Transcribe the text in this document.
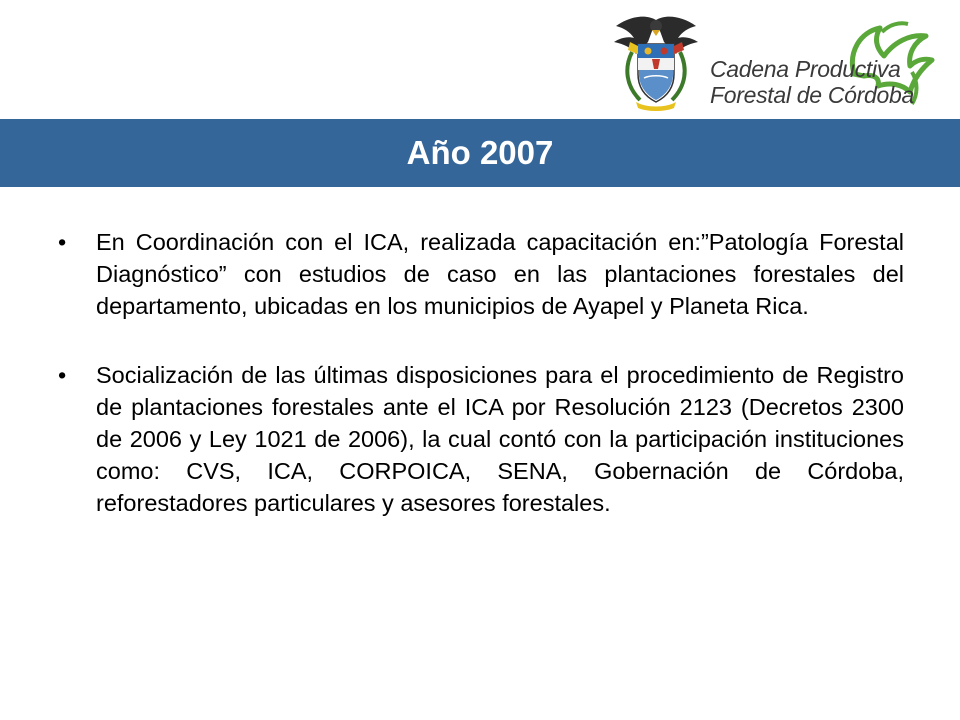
Cadena Productiva
Forestal de Córdoba
Año 2007
• En Coordinación con el ICA, realizada capacitación en:”Patología Forestal Diagnóstico” con estudios de caso en las plantaciones forestales del departamento, ubicadas en los municipios de Ayapel y Planeta Rica.
• Socialización de las últimas disposiciones para el procedimiento de Registro de plantaciones forestales ante el ICA por Resolución 2123 (Decretos 2300 de 2006 y Ley 1021 de 2006), la cual contó con la participación instituciones como: CVS, ICA, CORPOICA, SENA, Gobernación de Córdoba, reforestadores particulares y asesores forestales.
